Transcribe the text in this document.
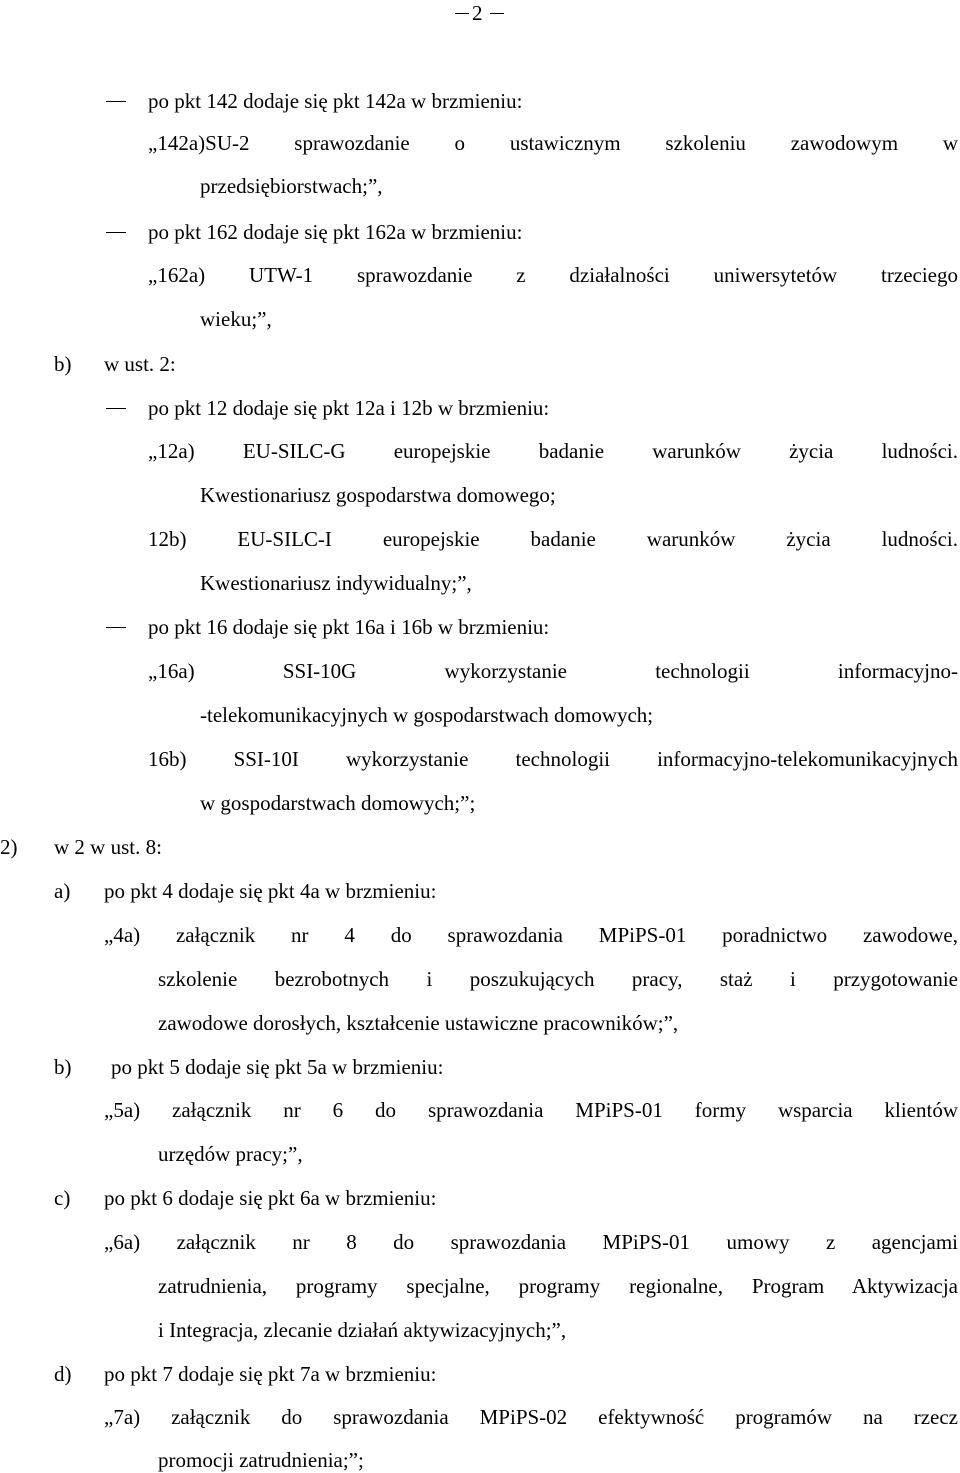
2
po pkt 142 dodaje się pkt 142a w brzmieniu:
„142a)SU-2 sprawozdanie o ustawicznym szkoleniu zawodowym w
przedsiębiorstwach;”,
po pkt 162 dodaje się pkt 162a w brzmieniu:
„162a) UTW-1 sprawozdanie z działalności uniwersytetów trzeciego
wieku;”,
b) w ust. 2:
po pkt 12 dodaje się pkt 12a i 12b w brzmieniu:
„12a) EU-SILC-G europejskie badanie warunków życia ludności.
Kwestionariusz gospodarstwa domowego;
12b) EU-SILC-I europejskie badanie warunków życia ludności.
Kwestionariusz indywidualny;”,
po pkt 16 dodaje się pkt 16a i 16b w brzmieniu:
„16a) SSI-10G wykorzystanie technologii informacyjno-
-telekomunikacyjnych w gospodarstwach domowych;
16b) SSI-10I wykorzystanie technologii informacyjno-telekomunikacyjnych
w gospodarstwach domowych;”;
2) w 2 w ust. 8:
a) po pkt 4 dodaje się pkt 4a w brzmieniu:
„4a) załącznik nr 4 do sprawozdania MPiPS-01 poradnictwo zawodowe,
szkolenie bezrobotnych i poszukujących pracy, staż i przygotowanie
zawodowe dorosłych, kształcenie ustawiczne pracowników;”,
b) po pkt 5 dodaje się pkt 5a w brzmieniu:
„5a) załącznik nr 6 do sprawozdania MPiPS-01 formy wsparcia klientów
urzędów pracy;”,
c) po pkt 6 dodaje się pkt 6a w brzmieniu:
„6a) załącznik nr 8 do sprawozdania MPiPS-01 umowy z agencjami
zatrudnienia, programy specjalne, programy regionalne, Program Aktywizacja
i Integracja, zlecanie działań aktywizacyjnych;”,
d) po pkt 7 dodaje się pkt 7a w brzmieniu:
„7a) załącznik do sprawozdania MPiPS-02 efektywność programów na rzecz
promocji zatrudnienia;”;
